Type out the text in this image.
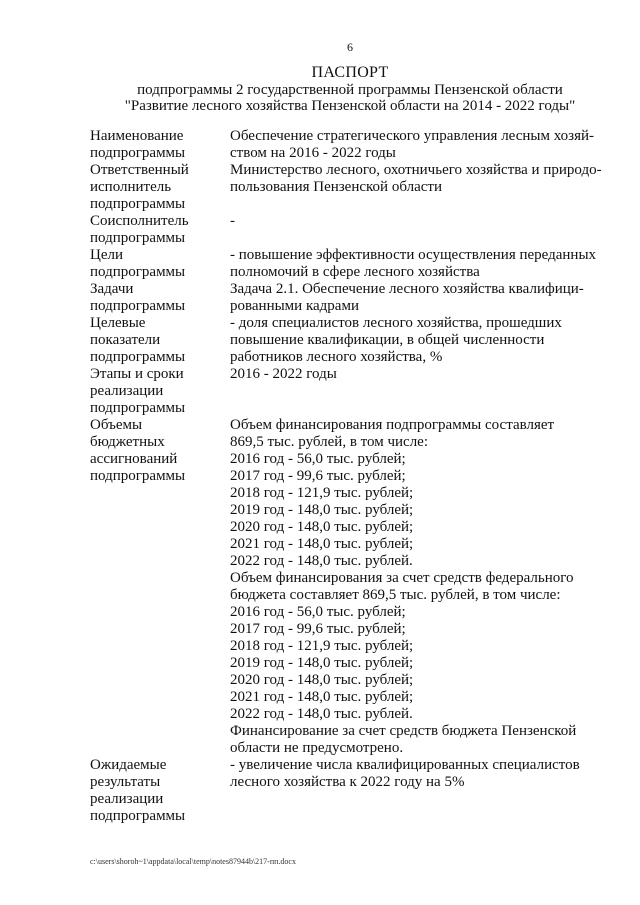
6
ПАСПОРТ
подпрограммы 2 государственной программы Пензенской области
"Развитие лесного хозяйства Пензенской области на 2014 - 2022 годы"
Наименование
подпрограммы

Обеспечение стратегического управления лесным хозяй-

ством на 2016 - 2022 годы

Ответственный
исполнитель
подпрограммы

Министерство лесного, охотничьего хозяйства и природо-

пользования Пензенской области

Соисполнитель
подпрограммы

-

Цели
подпрограммы

- повышение эффективности осуществления переданных

полномочий в сфере лесного хозяйства

Задачи
подпрограммы

Задача 2.1. Обеспечение лесного хозяйства квалифици-

рованными кадрами

Целевые
показатели
подпрограммы

- доля специалистов лесного хозяйства, прошедших

повышение квалификации, в общей численности

работников лесного хозяйства, %

Этапы и сроки
реализации
подпрограммы

2016 - 2022 годы

Объемы
бюджетных
ассигнований
подпрограммы

Объем финансирования подпрограммы составляет

869,5 тыс. рублей, в том числе:

2016 год - 56,0 тыс. рублей;

2017 год - 99,6 тыс. рублей;

2018 год - 121,9 тыс. рублей;

2019 год - 148,0 тыс. рублей;

2020 год - 148,0 тыс. рублей;

2021 год - 148,0 тыс. рублей;

2022 год - 148,0 тыс. рублей.

Объем финансирования за счет средств федерального

бюджета составляет 869,5 тыс. рублей, в том числе:

2016 год - 56,0 тыс. рублей;

2017 год - 99,6 тыс. рублей;

2018 год - 121,9 тыс. рублей;

2019 год - 148,0 тыс. рублей;

2020 год - 148,0 тыс. рублей;

2021 год - 148,0 тыс. рублей;

2022 год - 148,0 тыс. рублей.

Финансирование за счет средств бюджета Пензенской

области не предусмотрено.

Ожидаемые
результаты
реализации
подпрограммы

- увеличение числа квалифицированных специалистов

лесного хозяйства к 2022 году на 5%

c:\users\shoroh~1\appdata\local\temp\notes87944b\217-пп.docx
